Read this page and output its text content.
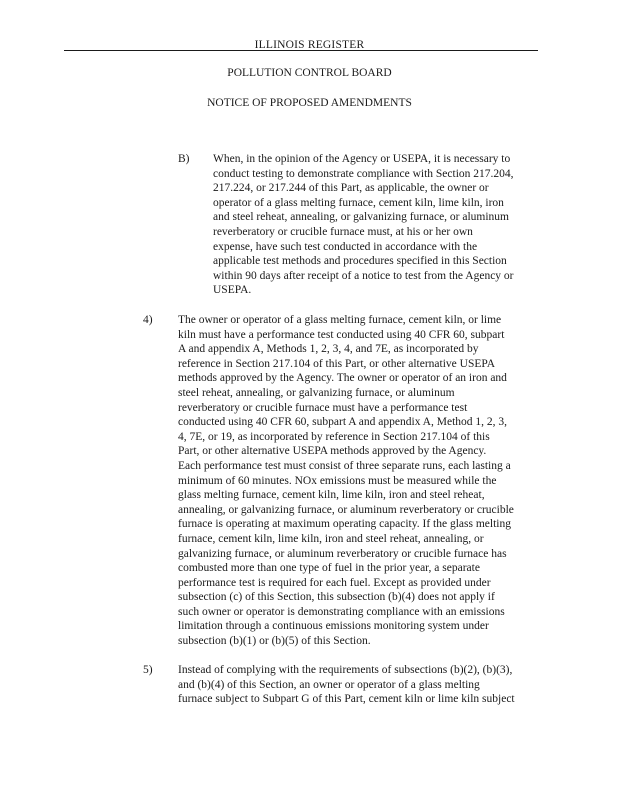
ILLINOIS REGISTER
POLLUTION CONTROL BOARD
NOTICE OF PROPOSED AMENDMENTS
B) When, in the opinion of the Agency or USEPA, it is necessary to
conduct testing to demonstrate compliance with Section 217.204,
217.224, or 217.244 of this Part, as applicable, the owner or
operator of a glass melting furnace, cement kiln, lime kiln, iron
and steel reheat, annealing, or galvanizing furnace, or aluminum
reverberatory or crucible furnace must, at his or her own
expense, have such test conducted in accordance with the
applicable test methods and procedures specified in this Section
within 90 days after receipt of a notice to test from the Agency or
USEPA.
4) The owner or operator of a glass melting furnace, cement kiln, or lime
kiln must have a performance test conducted using 40 CFR 60, subpart
A and appendix A, Methods 1, 2, 3, 4, and 7E, as incorporated by
reference in Section 217.104 of this Part, or other alternative USEPA
methods approved by the Agency. The owner or operator of an iron and
steel reheat, annealing, or galvanizing furnace, or aluminum
reverberatory or crucible furnace must have a performance test
conducted using 40 CFR 60, subpart A and appendix A, Method 1, 2, 3,
4, 7E, or 19, as incorporated by reference in Section 217.104 of this
Part, or other alternative USEPA methods approved by the Agency.
Each performance test must consist of three separate runs, each lasting a
minimum of 60 minutes. NOx emissions must be measured while the
glass melting furnace, cement kiln, lime kiln, iron and steel reheat,
annealing, or galvanizing furnace, or aluminum reverberatory or crucible
furnace is operating at maximum operating capacity. If the glass melting
furnace, cement kiln, lime kiln, iron and steel reheat, annealing, or
galvanizing furnace, or aluminum reverberatory or crucible furnace has
combusted more than one type of fuel in the prior year, a separate
performance test is required for each fuel. Except as provided under
subsection (c) of this Section, this subsection (b)(4) does not apply if
such owner or operator is demonstrating compliance with an emissions
limitation through a continuous emissions monitoring system under
subsection (b)(1) or (b)(5) of this Section.
5) Instead of complying with the requirements of subsections (b)(2), (b)(3),
and (b)(4) of this Section, an owner or operator of a glass melting
furnace subject to Subpart G of this Part, cement kiln or lime kiln subject
